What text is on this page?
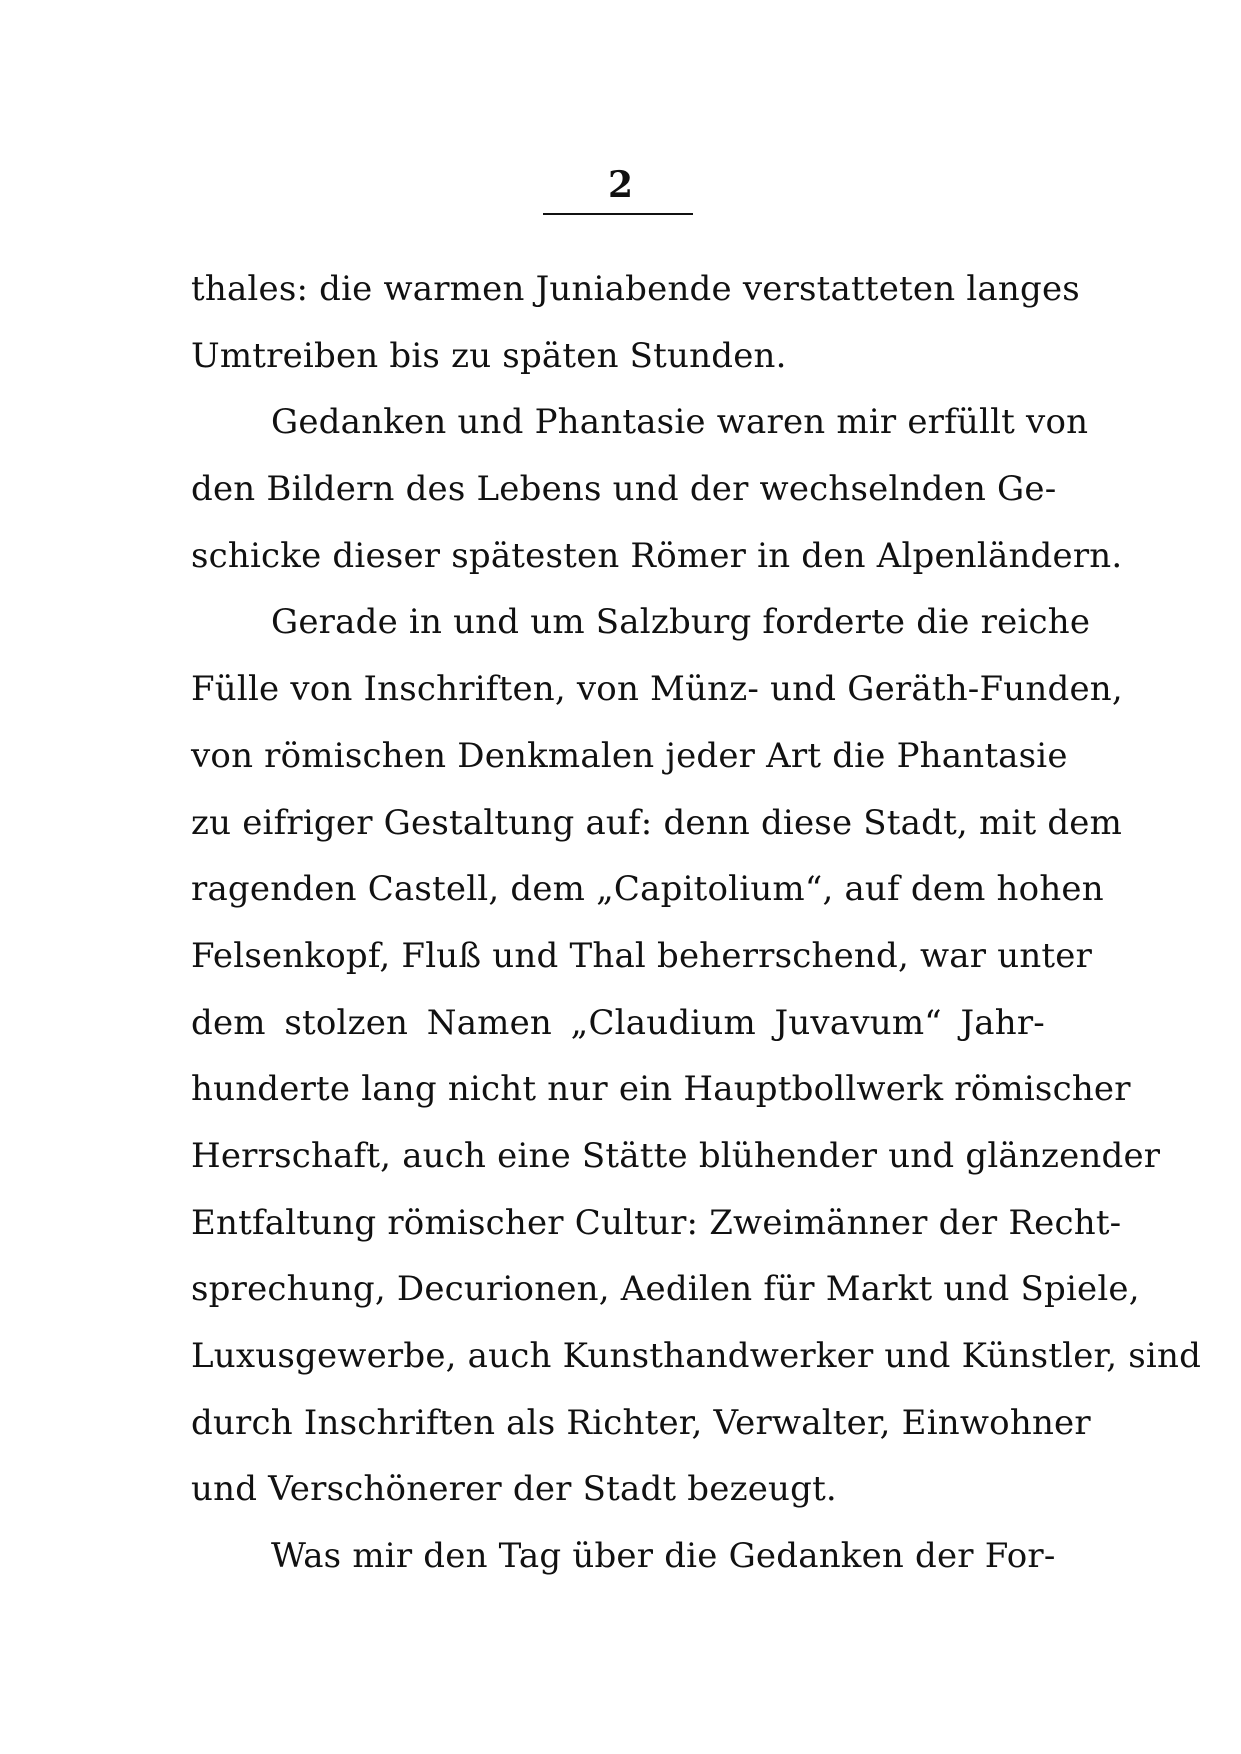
2
thales: die warmen Juniabende verstatteten langes
Umtreiben bis zu späten Stunden.
Gedanken und Phantasie waren mir erfüllt von
den Bildern des Lebens und der wechselnden Ge-
schicke dieser spätesten Römer in den Alpenländern.
Gerade in und um Salzburg forderte die reiche
Fülle von Inschriften, von Münz- und Geräth-Funden,
von römischen Denkmalen jeder Art die Phantasie
zu eifriger Gestaltung auf: denn diese Stadt, mit dem
ragenden Castell, dem „Capitolium“, auf dem hohen
Felsenkopf, Fluß und Thal beherrschend, war unter
dem stolzen Namen „Claudium Juvavum“ Jahr-
hunderte lang nicht nur ein Hauptbollwerk römischer
Herrschaft, auch eine Stätte blühender und glänzender
Entfaltung römischer Cultur: Zweimänner der Recht-
sprechung, Decurionen, Aedilen für Markt und Spiele,
Luxusgewerbe, auch Kunsthandwerker und Künstler, sind
durch Inschriften als Richter, Verwalter, Einwohner
und Verschönerer der Stadt bezeugt.
Was mir den Tag über die Gedanken der For-
